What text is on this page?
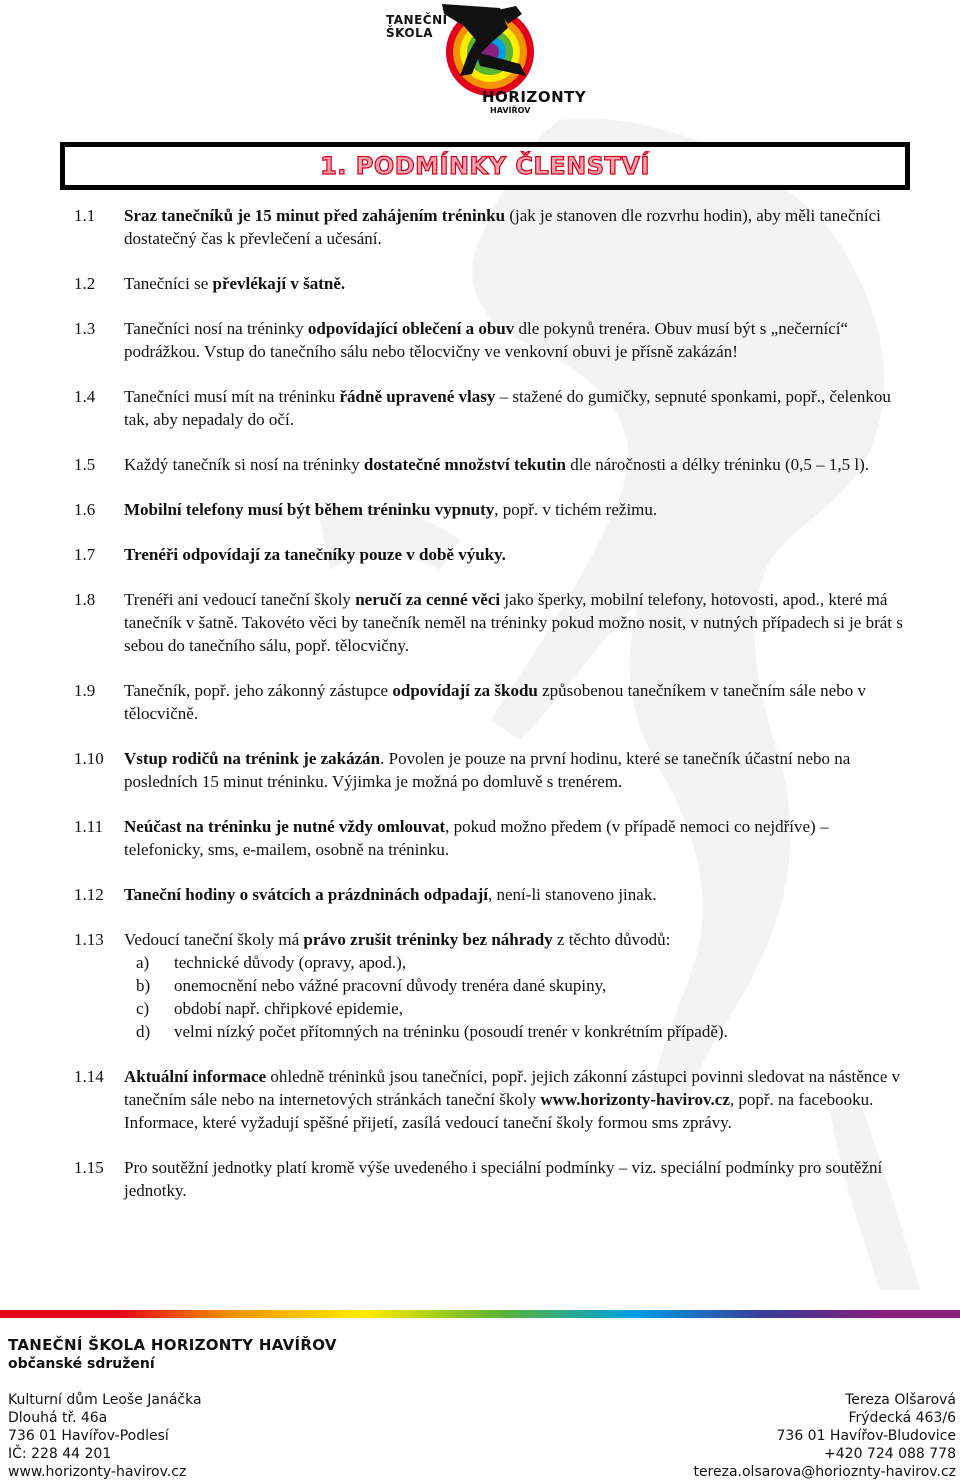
TANEČNÍ
ŠKOLA
HORIZONTY
HAVÍŘOV
1. PODMÍNKY ČLENSTVÍ
1.1	Sraz tanečníků je 15 minut před zahájením tréninku (jak je stanoven dle rozvrhu hodin), aby měli tanečníci dostatečný čas k převlečení a učesání.
1.2	Tanečníci se převlékají v šatně.
1.3	Tanečníci nosí na tréninky odpovídající oblečení a obuv dle pokynů trenéra. Obuv musí být s „nečernící“ podrážkou. Vstup do tanečního sálu nebo tělocvičny ve venkovní obuvi je přísně zakázán!
1.4	Tanečníci musí mít na tréninku řádně upravené vlasy – stažené do gumičky, sepnuté sponkami, popř., čelenkou tak, aby nepadaly do očí.
1.5	Každý tanečník si nosí na tréninky dostatečné množství tekutin dle náročnosti a délky tréninku (0,5 – 1,5 l).
1.6	Mobilní telefony musí být během tréninku vypnuty, popř. v tichém režimu.
1.7	Trenéři odpovídají za tanečníky pouze v době výuky.
1.8	Trenéři ani vedoucí taneční školy neručí za cenné věci jako šperky, mobilní telefony, hotovosti, apod., které má tanečník v šatně. Takovéto věci by tanečník neměl na tréninky pokud možno nosit, v nutných případech si je brát s sebou do tanečního sálu, popř. tělocvičny.
1.9	Tanečník, popř. jeho zákonný zástupce odpovídají za škodu způsobenou tanečníkem v tanečním sále nebo v tělocvičně.
1.10	Vstup rodičů na trénink je zakázán. Povolen je pouze na první hodinu, které se tanečník účastní nebo na posledních 15 minut tréninku. Výjimka je možná po domluvě s trenérem.
1.11	Neúčast na tréninku je nutné vždy omlouvat, pokud možno předem (v případě nemoci co nejdříve) – telefonicky, sms, e-mailem, osobně na tréninku.
1.12	Taneční hodiny o svátcích a prázdninách odpadají, není-li stanoveno jinak.
1.13	Vedoucí taneční školy má právo zrušit tréninky bez náhrady z těchto důvodů:
a)	technické důvody (opravy, apod.),
b)	onemocnění nebo vážné pracovní důvody trenéra dané skupiny,
c)	období např. chřipkové epidemie,
d)	velmi nízký počet přítomných na tréninku (posoudí trenér v konkrétním případě).
1.14	Aktuální informace ohledně tréninků jsou tanečníci, popř. jejich zákonní zástupci povinni sledovat na nástěnce v tanečním sále nebo na internetových stránkách taneční školy www.horizonty-havirov.cz, popř. na facebooku. Informace, které vyžadují spěšné přijetí, zasílá vedoucí taneční školy formou sms zprávy.
1.15	Pro soutěžní jednotky platí kromě výše uvedeného i speciální podmínky – viz. speciální podmínky pro soutěžní jednotky.
TANEČNÍ ŠKOLA HORIZONTY HAVÍŘOV
občanské sdružení
Kulturní dům Leoše Janáčka
Dlouhá tř. 46a
736 01 Havířov-Podlesí
IČ: 228 44 201
www.horizonty-havirov.cz
Tereza Olšarová
Frýdecká 463/6
736 01 Havířov-Bludovice
+420 724 088 778
tereza.olsarova@horioznty-havirov.cz
